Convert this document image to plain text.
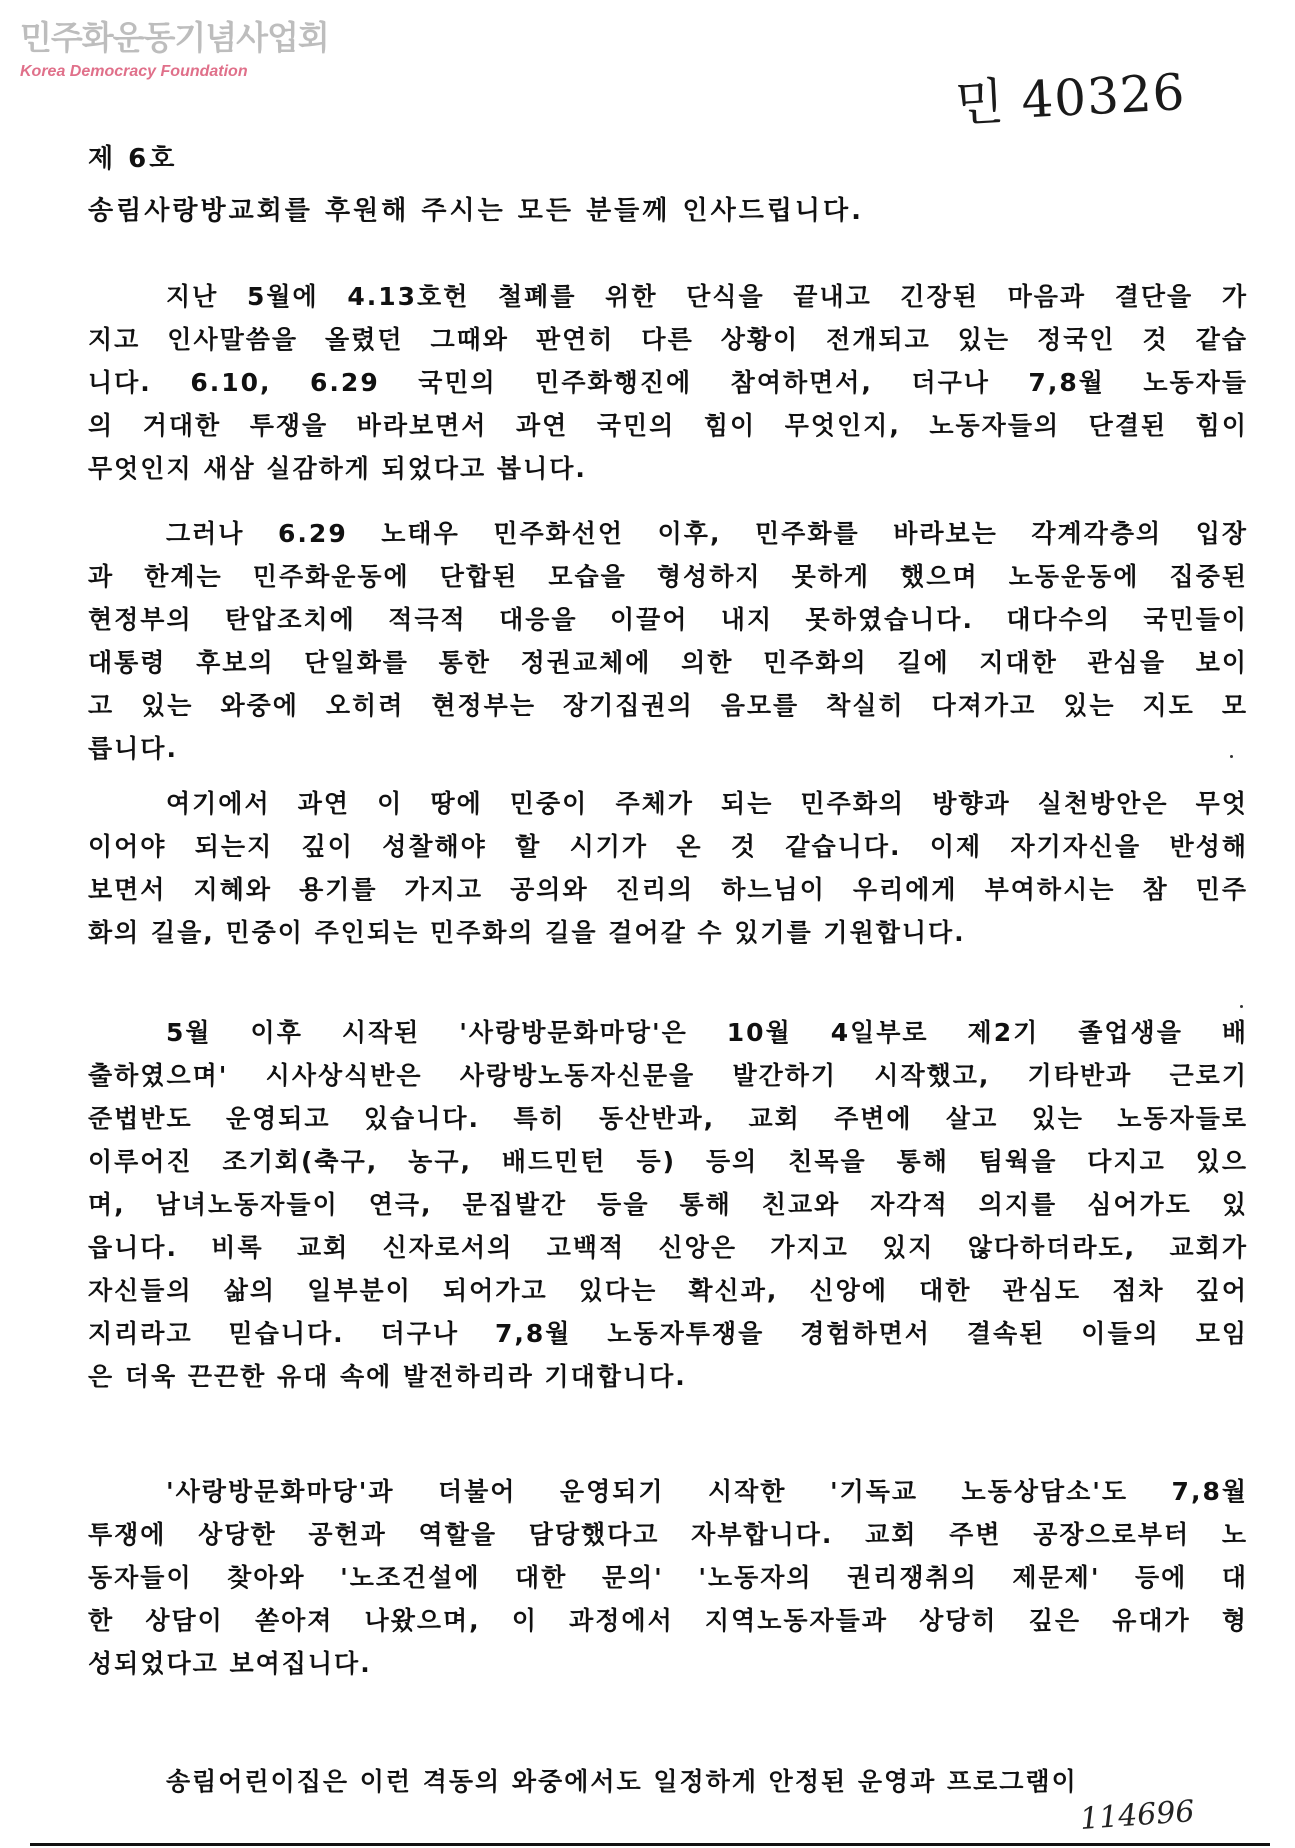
민주화운동기념사업회
Korea Democracy Foundation	민 40326
제 6호
송림사랑방교회를 후원해 주시는 모든 분들께 인사드립니다.
지난 5월에 4.13호헌 철폐를 위한 단식을 끝내고 긴장된 마음과 결단을 가
지고 인사말씀을 올렸던 그때와 판연히 다른 상황이 전개되고 있는 정국인 것 같습
니다. 6.10, 6.29 국민의 민주화행진에 참여하면서, 더구나 7,8월 노동자들
의 거대한 투쟁을 바라보면서 과연 국민의 힘이 무엇인지, 노동자들의 단결된 힘이
무엇인지 새삼 실감하게 되었다고 봅니다.
그러나 6.29 노태우 민주화선언 이후, 민주화를 바라보는 각계각층의 입장
과 한계는 민주화운동에 단합된 모습을 형성하지 못하게 했으며 노동운동에 집중된
현정부의 탄압조치에 적극적 대응을 이끌어 내지 못하였습니다. 대다수의 국민들이
대통령 후보의 단일화를 통한 정권교체에 의한 민주화의 길에 지대한 관심을 보이
고 있는 와중에 오히려 현정부는 장기집권의 음모를 착실히 다져가고 있는 지도 모
릅니다.
여기에서 과연 이 땅에 민중이 주체가 되는 민주화의 방향과 실천방안은 무엇
이어야 되는지 깊이 성찰해야 할 시기가 온 것 같습니다. 이제 자기자신을 반성해
보면서 지혜와 용기를 가지고 공의와 진리의 하느님이 우리에게 부여하시는 참 민주
화의 길을, 민중이 주인되는 민주화의 길을 걸어갈 수 있기를 기원합니다.
5월 이후 시작된 '사랑방문화마당'은 10월 4일부로 제2기 졸업생을 배
출하였으며' 시사상식반은 사랑방노동자신문을 발간하기 시작했고, 기타반과 근로기
준법반도 운영되고 있습니다. 특히 동산반과, 교회 주변에 살고 있는 노동자들로
이루어진 조기회(축구, 농구, 배드민턴 등) 등의 친목을 통해 팀웍을 다지고 있으
며, 남녀노동자들이 연극, 문집발간 등을 통해 친교와 자각적 의지를 심어가도 있
읍니다. 비록 교회 신자로서의 고백적 신앙은 가지고 있지 않다하더라도, 교회가
자신들의 삶의 일부분이 되어가고 있다는 확신과, 신앙에 대한 관심도 점차 깊어
지리라고 믿습니다. 더구나 7,8월 노동자투쟁을 경험하면서 결속된 이들의 모임
은 더욱 끈끈한 유대 속에 발전하리라 기대합니다.
'사랑방문화마당'과 더불어 운영되기 시작한 '기독교 노동상담소'도 7,8월
투쟁에 상당한 공헌과 역할을 담당했다고 자부합니다. 교회 주변 공장으로부터 노
동자들이 찾아와 '노조건설에 대한 문의' '노동자의 권리쟁취의 제문제' 등에 대
한 상담이 쏟아져 나왔으며, 이 과정에서 지역노동자들과 상당히 깊은 유대가 형
성되었다고 보여집니다.
송림어린이집은 이런 격동의 와중에서도 일정하게 안정된 운영과 프로그램이
114696
